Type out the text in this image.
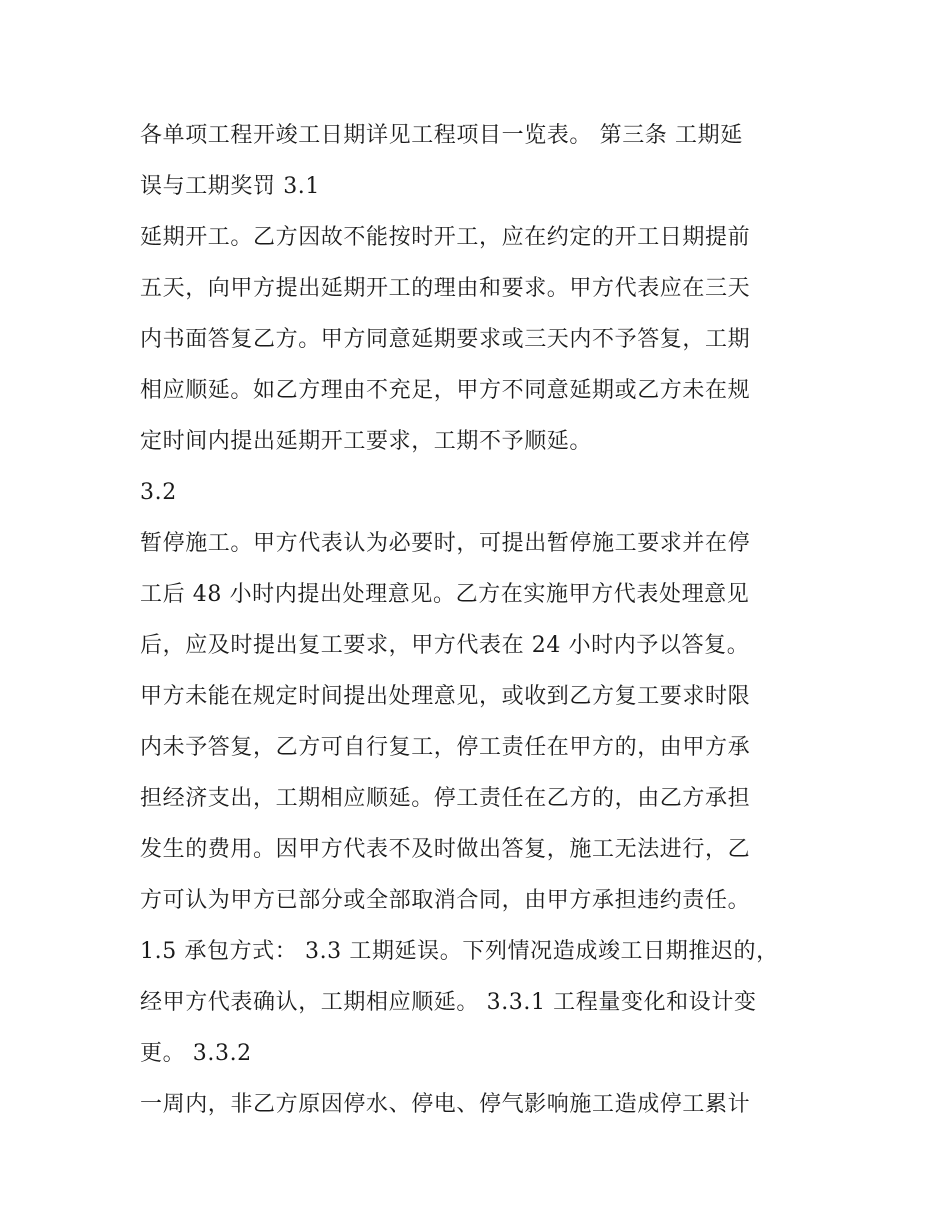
各单项工程开竣工日期详见工程项目一览表。 第三条 工期延
误与工期奖罚 3.1
延期开工。乙方因故不能按时开工，应在约定的开工日期提前
五天，向甲方提出延期开工的理由和要求。甲方代表应在三天
内书面答复乙方。甲方同意延期要求或三天内不予答复，工期
相应顺延。如乙方理由不充足，甲方不同意延期或乙方未在规
定时间内提出延期开工要求，工期不予顺延。
3.2
暂停施工。甲方代表认为必要时，可提出暂停施工要求并在停
工后 48 小时内提出处理意见。乙方在实施甲方代表处理意见
后，应及时提出复工要求，甲方代表在 24 小时内予以答复。
甲方未能在规定时间提出处理意见，或收到乙方复工要求时限
内未予答复，乙方可自行复工，停工责任在甲方的，由甲方承
担经济支出，工期相应顺延。停工责任在乙方的，由乙方承担
发生的费用。因甲方代表不及时做出答复，施工无法进行，乙
方可认为甲方已部分或全部取消合同，由甲方承担违约责任。
1.5 承包方式： 3.3 工期延误。下列情况造成竣工日期推迟的，
经甲方代表确认，工期相应顺延。 3.3.1 工程量变化和设计变
更。 3.3.2
一周内，非乙方原因停水、停电、停气影响施工造成停工累计
